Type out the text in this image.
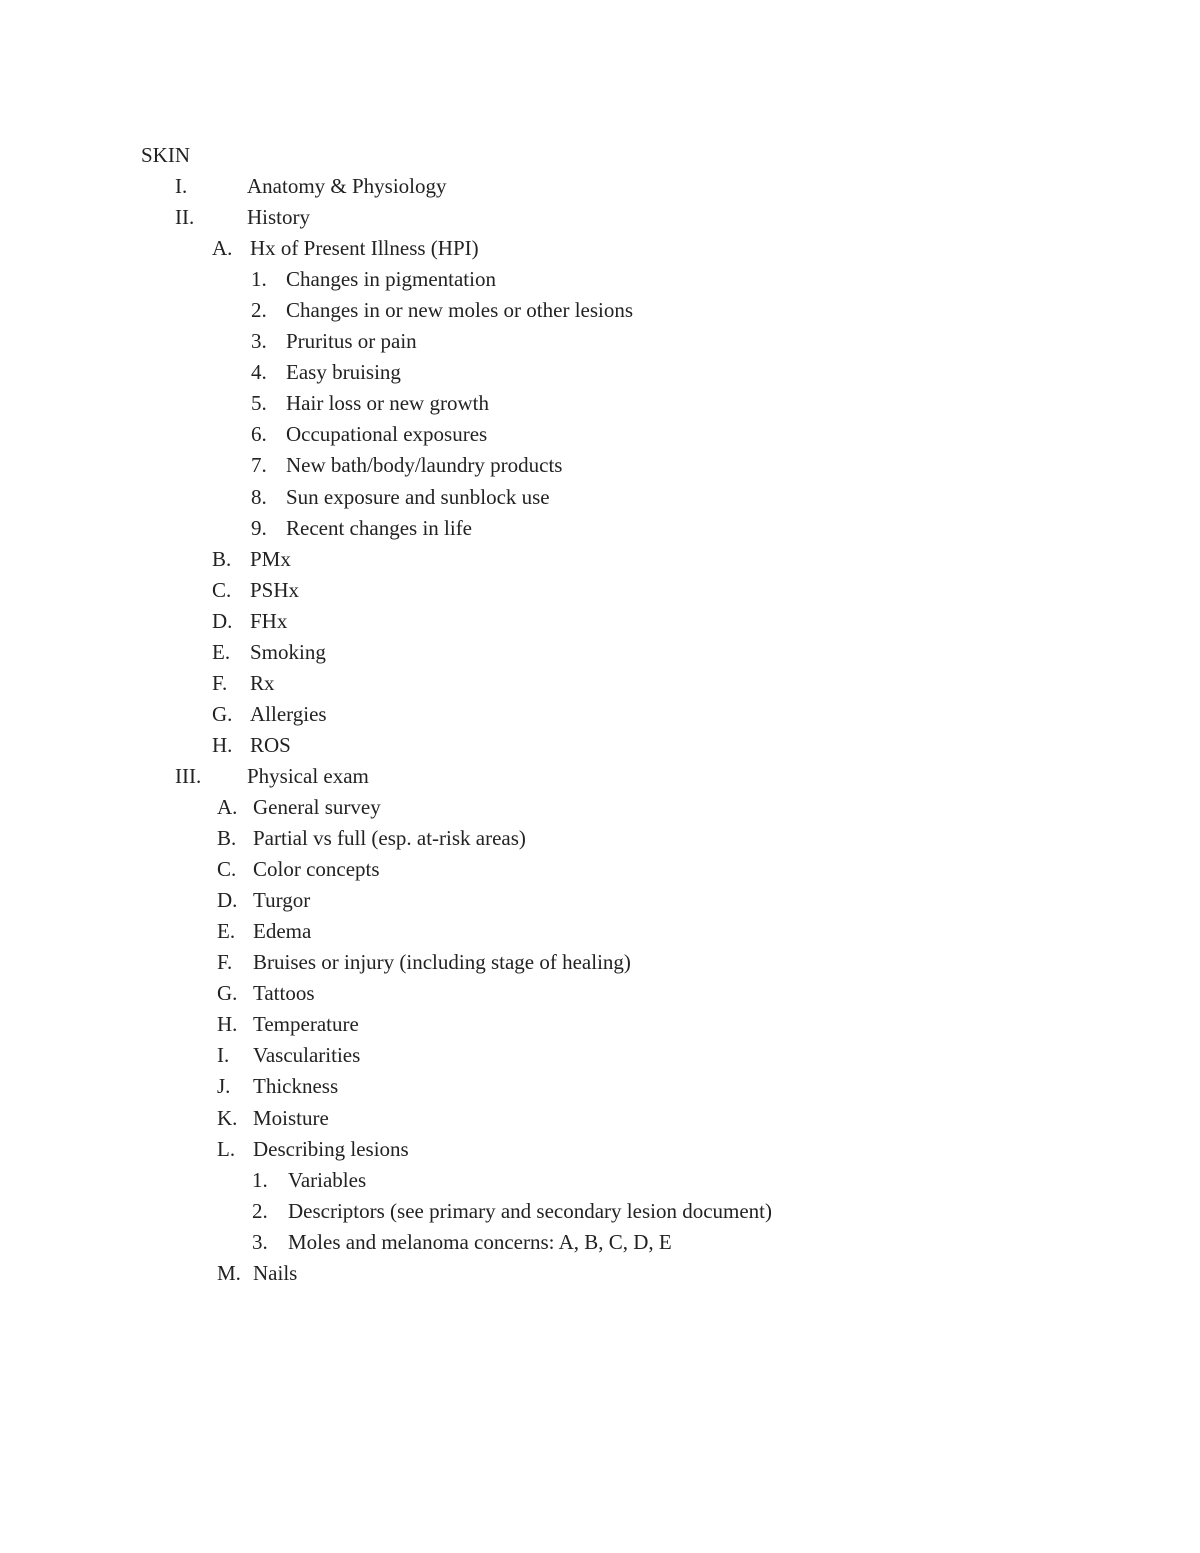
SKIN
I.	Anatomy & Physiology
II.	History
A. Hx of Present Illness (HPI)
1. Changes in pigmentation
2. Changes in or new moles or other lesions
3. Pruritus or pain
4. Easy bruising
5. Hair loss or new growth
6. Occupational exposures
7. New bath/body/laundry products
8. Sun exposure and sunblock use
9. Recent changes in life
B. PMx
C. PSHx
D. FHx
E. Smoking
F. Rx
G. Allergies
H. ROS
III. Physical exam
A. General survey
B. Partial vs full (esp. at-risk areas)
C. Color concepts
D. Turgor
E. Edema
F. Bruises or injury (including stage of healing)
G. Tattoos
H. Temperature
I. Vascularities
J. Thickness
K. Moisture
L. Describing lesions
1. Variables
2. Descriptors (see primary and secondary lesion document)
3. Moles and melanoma concerns: A, B, C, D, E
M. Nails
